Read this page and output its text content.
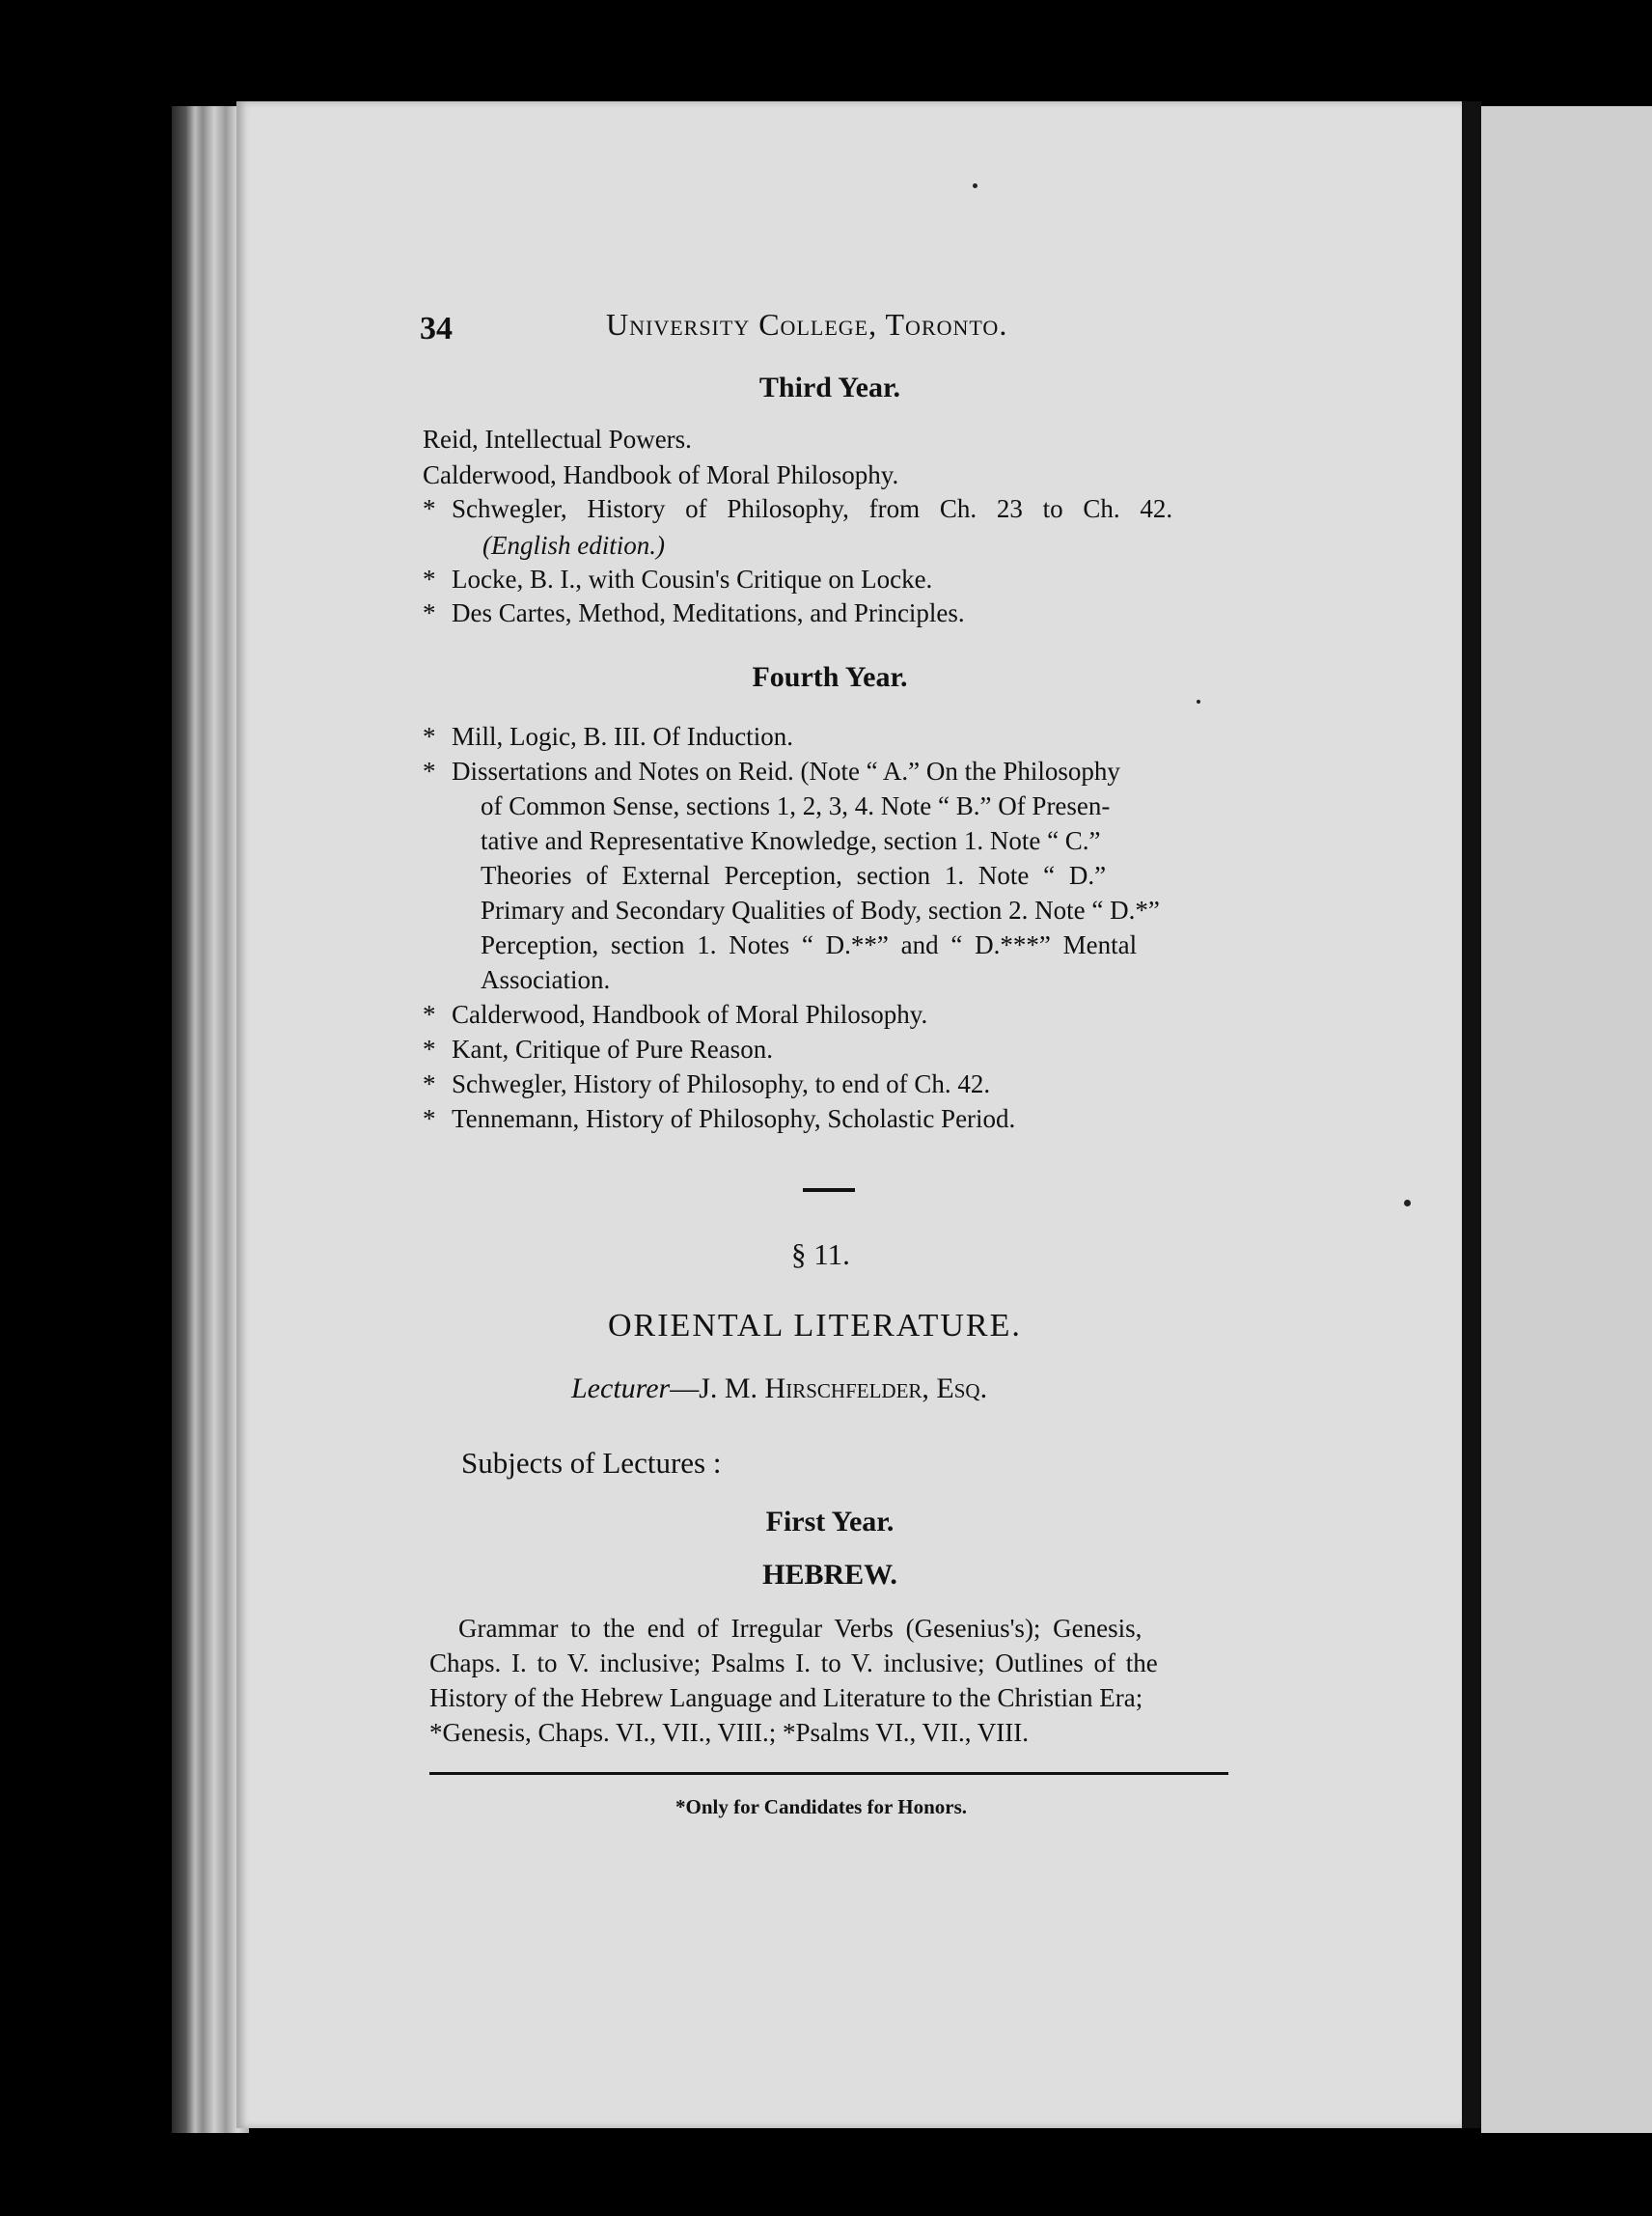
34	University College, Toronto.
Third Year.
Reid, Intellectual Powers.
Calderwood, Handbook of Moral Philosophy.
* Schwegler, History of Philosophy, from Ch. 23 to Ch. 42.
(English edition.)
* Locke, B. I., with Cousin's Critique on Locke.
* Des Cartes, Method, Meditations, and Principles.
Fourth Year.
* Mill, Logic, B. III. Of Induction.
* Dissertations and Notes on Reid. (Note “ A.” On the Philosophy
of Common Sense, sections 1, 2, 3, 4. Note “ B.” Of Presen-
tative and Representative Knowledge, section 1. Note “ C.”
Theories of External Perception, section 1. Note “ D.”
Primary and Secondary Qualities of Body, section 2. Note “ D.*”
Perception, section 1. Notes “ D.**” and “ D.***” Mental
Association.
* Calderwood, Handbook of Moral Philosophy.
* Kant, Critique of Pure Reason.
* Schwegler, History of Philosophy, to end of Ch. 42.
* Tennemann, History of Philosophy, Scholastic Period.
§ 11.
ORIENTAL LITERATURE.
Lecturer—J. M. Hirschfelder, Esq.
Subjects of Lectures :
First Year.
HEBREW.
Grammar to the end of Irregular Verbs (Gesenius's); Genesis,
Chaps. I. to V. inclusive; Psalms I. to V. inclusive; Outlines of the
History of the Hebrew Language and Literature to the Christian Era;
*Genesis, Chaps. VI., VII., VIII.; *Psalms VI., VII., VIII.
*Only for Candidates for Honors.
